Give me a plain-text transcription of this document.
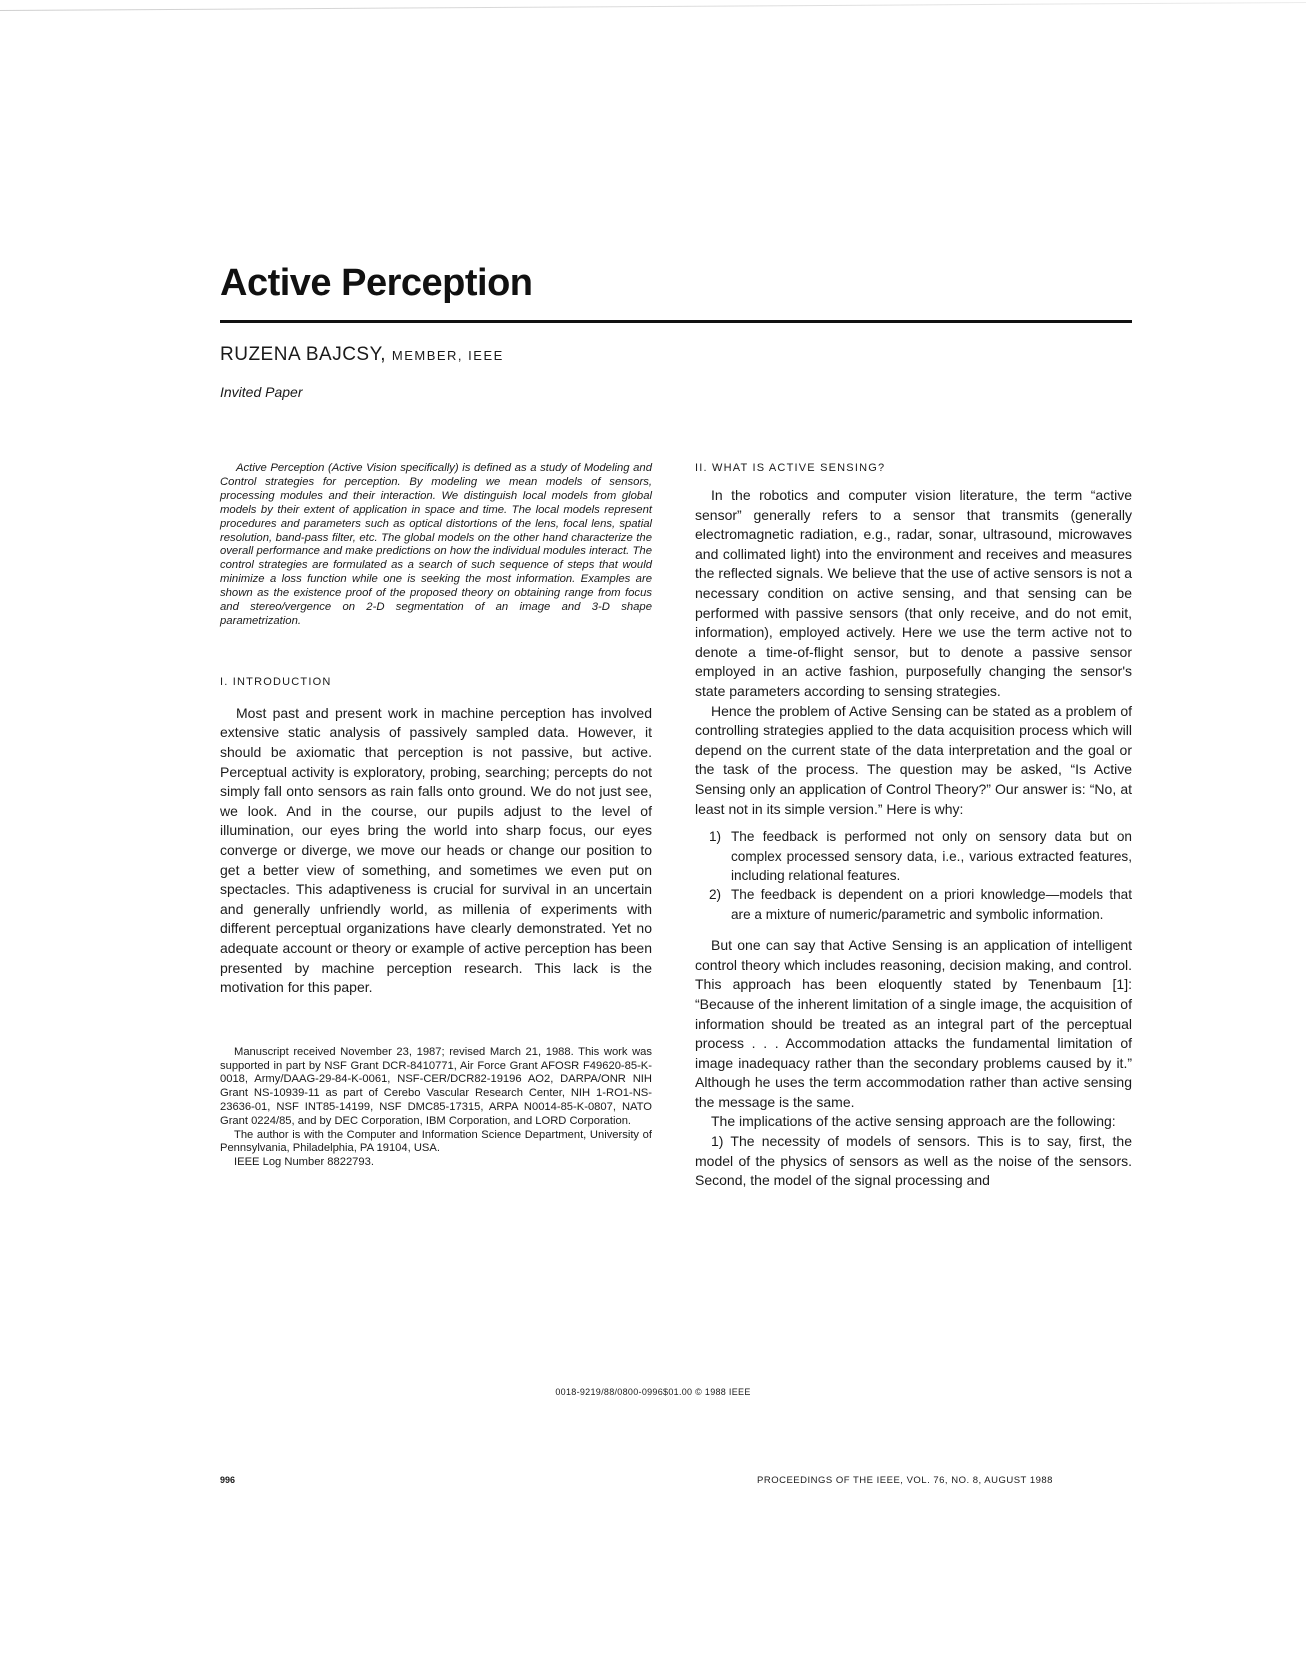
Active Perception
RUZENA BAJCSY, MEMBER, IEEE
Invited Paper

Active Perception (Active Vision specifically) is defined as a study of Modeling and Control strategies for perception. By modeling we mean models of sensors, processing modules and their interaction. We distinguish local models from global models by their extent of application in space and time. The local models represent procedures and parameters such as optical distortions of the lens, focal lens, spatial resolution, band-pass filter, etc. The global models on the other hand characterize the overall performance and make predictions on how the individual modules interact. The control strategies are formulated as a search of such sequence of steps that would minimize a loss function while one is seeking the most information. Examples are shown as the existence proof of the proposed theory on obtaining range from focus and stereo/vergence on 2-D segmentation of an image and 3-D shape parametrization.

I. INTRODUCTION

Most past and present work in machine perception has involved extensive static analysis of passively sampled data. However, it should be axiomatic that perception is not passive, but active. Perceptual activity is exploratory, probing, searching; percepts do not simply fall onto sensors as rain falls onto ground. We do not just see, we look. And in the course, our pupils adjust to the level of illumination, our eyes bring the world into sharp focus, our eyes converge or diverge, we move our heads or change our position to get a better view of something, and sometimes we even put on spectacles. This adaptiveness is crucial for survival in an uncertain and generally unfriendly world, as millenia of experiments with different perceptual organizations have clearly demonstrated. Yet no adequate account or theory or example of active perception has been presented by machine perception research. This lack is the motivation for this paper.

Manuscript received November 23, 1987; revised March 21, 1988. This work was supported in part by NSF Grant DCR-8410771, Air Force Grant AFOSR F49620-85-K-0018, Army/DAAG-29-84-K-0061, NSF-CER/DCR82-19196 AO2, DARPA/ONR NIH Grant NS-10939-11 as part of Cerebo Vascular Research Center, NIH 1-RO1-NS-23636-01, NSF INT85-14199, NSF DMC85-17315, ARPA N0014-85-K-0807, NATO Grant 0224/85, and by DEC Corporation, IBM Corporation, and LORD Corporation.

The author is with the Computer and Information Science Department, University of Pennsylvania, Philadelphia, PA 19104, USA.

IEEE Log Number 8822793.

II. WHAT IS ACTIVE SENSING?

In the robotics and computer vision literature, the term “active sensor” generally refers to a sensor that transmits (generally electromagnetic radiation, e.g., radar, sonar, ultrasound, microwaves and collimated light) into the environment and receives and measures the reflected signals. We believe that the use of active sensors is not a necessary condition on active sensing, and that sensing can be performed with passive sensors (that only receive, and do not emit, information), employed actively. Here we use the term active not to denote a time-of-flight sensor, but to denote a passive sensor employed in an active fashion, purposefully changing the sensor's state parameters according to sensing strategies.

Hence the problem of Active Sensing can be stated as a problem of controlling strategies applied to the data acquisition process which will depend on the current state of the data interpretation and the goal or the task of the process. The question may be asked, “Is Active Sensing only an application of Control Theory?” Our answer is: “No, at least not in its simple version.” Here is why:

1) The feedback is performed not only on sensory data but on complex processed sensory data, i.e., various extracted features, including relational features.

2) The feedback is dependent on a priori knowledge—models that are a mixture of numeric/parametric and symbolic information.

But one can say that Active Sensing is an application of intelligent control theory which includes reasoning, decision making, and control. This approach has been eloquently stated by Tenenbaum [1]: “Because of the inherent limitation of a single image, the acquisition of information should be treated as an integral part of the perceptual process . . . Accommodation attacks the fundamental limitation of image inadequacy rather than the secondary problems caused by it.” Although he uses the term accommodation rather than active sensing the message is the same.

The implications of the active sensing approach are the following:

1) The necessity of models of sensors. This is to say, first, the model of the physics of sensors as well as the noise of the sensors. Second, the model of the signal processing and

0018-9219/88/0800-0996$01.00 © 1988 IEEE
996	PROCEEDINGS OF THE IEEE, VOL. 76, NO. 8, AUGUST 1988
